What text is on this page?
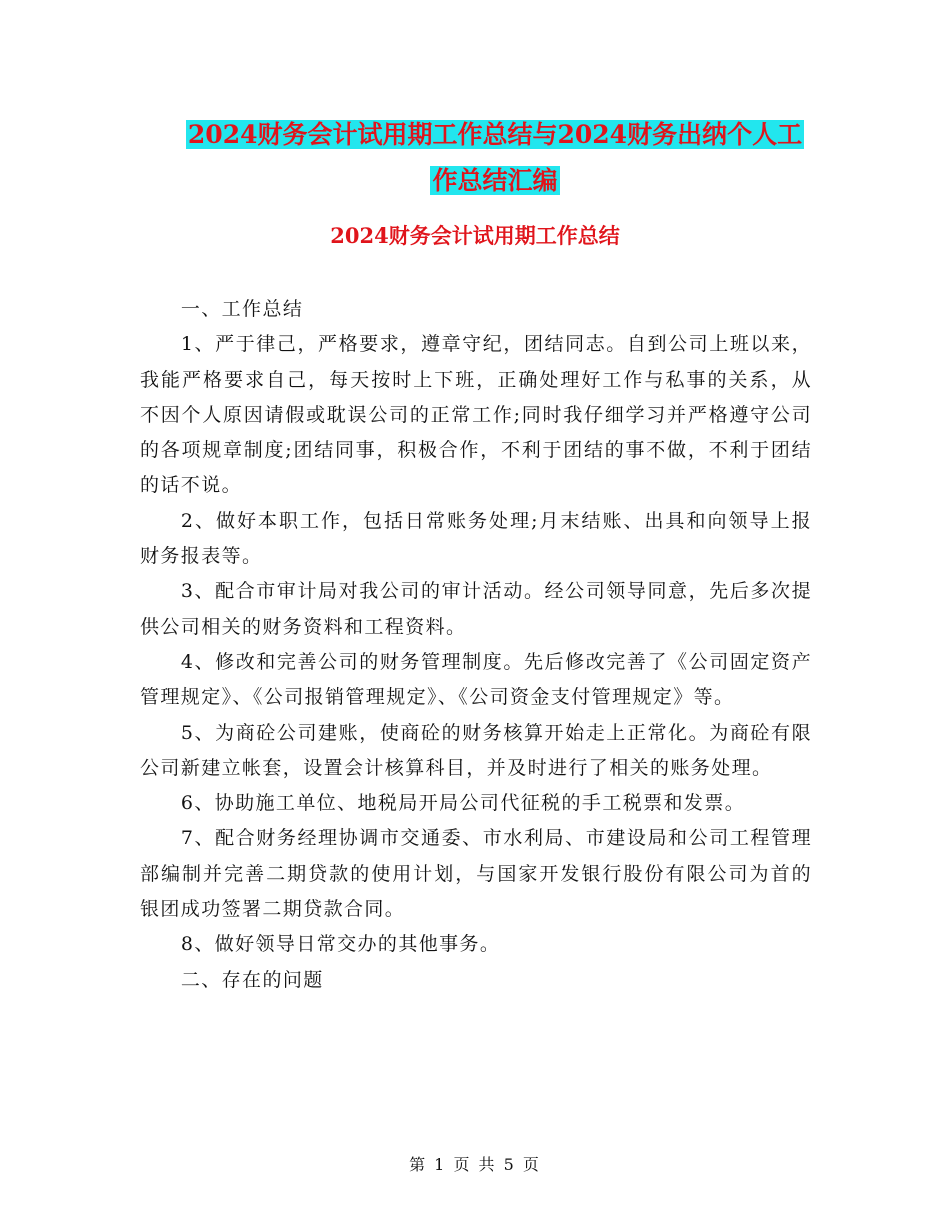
2024财务会计试用期工作总结与2024财务出纳个人工
作总结汇编
2024财务会计试用期工作总结

一、工作总结

1、严于律己，严格要求，遵章守纪，团结同志。自到公司上班以来，我能严格要求自己，每天按时上下班，正确处理好工作与私事的关系，从不因个人原因请假或耽误公司的正常工作;同时我仔细学习并严格遵守公司的各项规章制度;团结同事，积极合作，不利于团结的事不做，不利于团结的话不说。

2、做好本职工作，包括日常账务处理;月末结账、出具和向领导上报财务报表等。

3、配合市审计局对我公司的审计活动。经公司领导同意，先后多次提供公司相关的财务资料和工程资料。

4、修改和完善公司的财务管理制度。先后修改完善了《公司固定资产管理规定》、《公司报销管理规定》、《公司资金支付管理规定》等。

5、为商砼公司建账，使商砼的财务核算开始走上正常化。为商砼有限公司新建立帐套，设置会计核算科目，并及时进行了相关的账务处理。

6、协助施工单位、地税局开局公司代征税的手工税票和发票。

7、配合财务经理协调市交通委、市水利局、市建设局和公司工程管理部编制并完善二期贷款的使用计划，与国家开发银行股份有限公司为首的银团成功签署二期贷款合同。

8、做好领导日常交办的其他事务。

二、存在的问题

第 1 页 共 5 页
